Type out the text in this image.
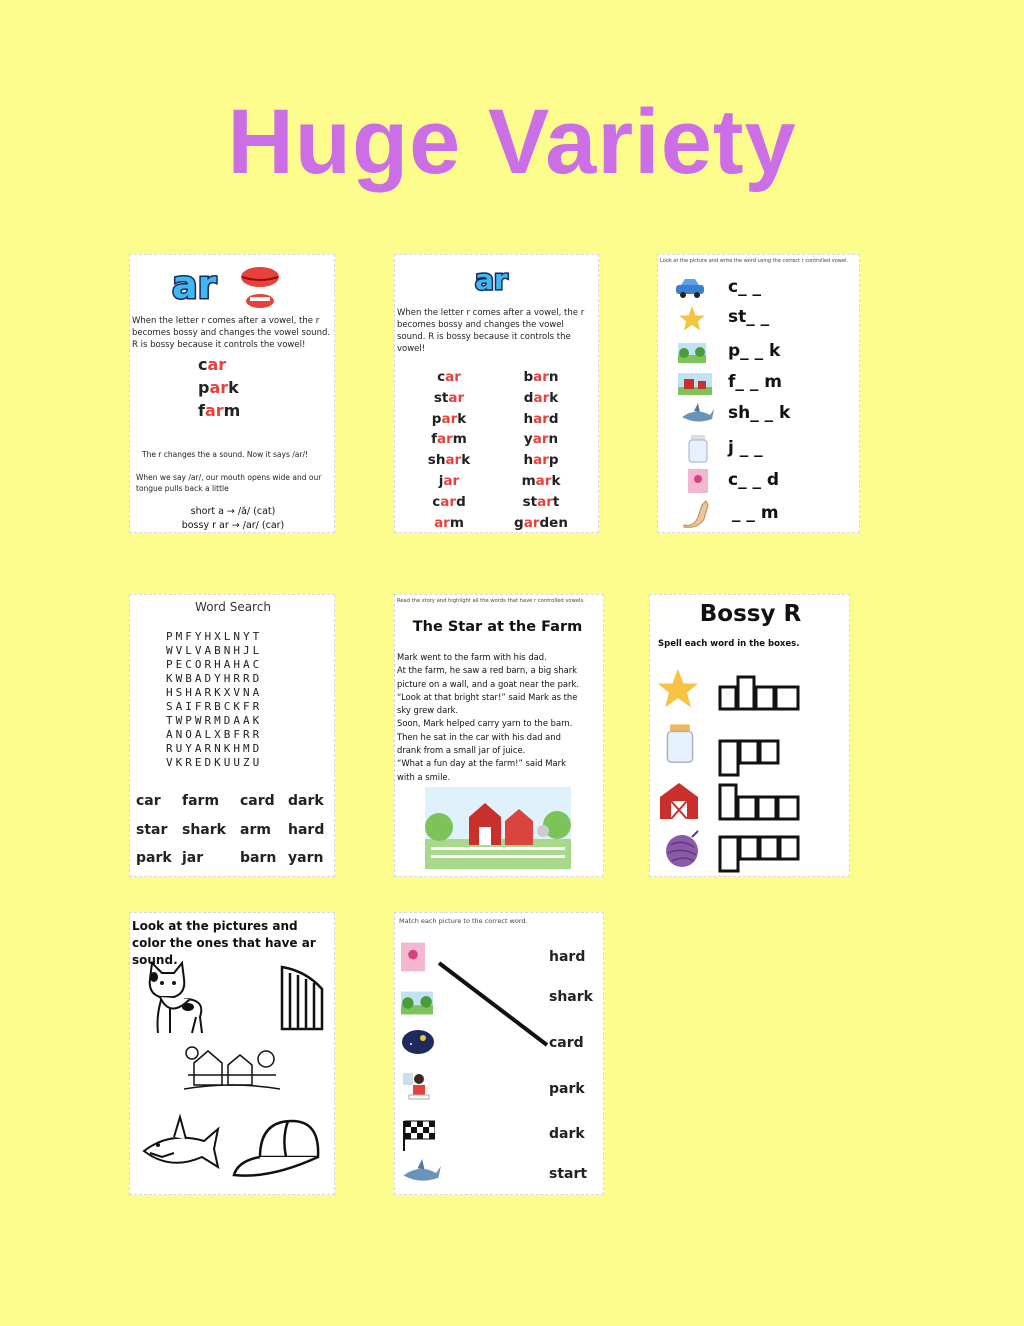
Huge Variety
ar
When the letter r comes after a vowel, the r becomes bossy and changes the vowel sound. R is bossy because it controls the vowel!
car
park
farm
The r changes the a sound. Now it says /ar/!
When we say /ar/, our mouth opens wide and our tongue pulls back a little
short a → /ă/ (cat)
bossy r ar → /ar/ (car)
ar
When the letter r comes after a vowel, the r becomes bossy and changes the vowel sound. R is bossy because it controls the vowel!
car
star
park
farm
shark
jar
card
arm
barn
dark
hard
yarn
harp
mark
start
garden
Look at the picture and write the word using the correct r controlled vowel.
c_ _
st_ _
p_ _ k
f_ _ m
sh_ _ k
j _ _
c_ _ d
_ _ m
Word Search
PMFYHXLNYT
WVLVABNHJL
PECORHAHAC
KWBADYHRRD
HSHARKXVNA
SAIFRBCKFR
TWPWRMDAAK
ANOALXBFRR
RUYARNKHMD
VKREDKUUZU
car farm card dark
star shark arm hard
park jar	barn yarn
Read the story and highlight all the words that have r controlled vowels.
The Star at the Farm
Mark went to the farm with his dad.
At the farm, he saw a red barn, a big shark
picture on a wall, and a goat near the park.
“Look at that bright star!” said Mark as the
sky grew dark.
Soon, Mark helped carry yarn to the barn.
Then he sat in the car with his dad and
drank from a small jar of juice.
“What a fun day at the farm!” said Mark
with a smile.
Bossy R
Spell each word in the boxes.
Look at the pictures and color the ones that have ar sound.
Match each picture to the correct word.
hard
shark
card
park
dark
start
